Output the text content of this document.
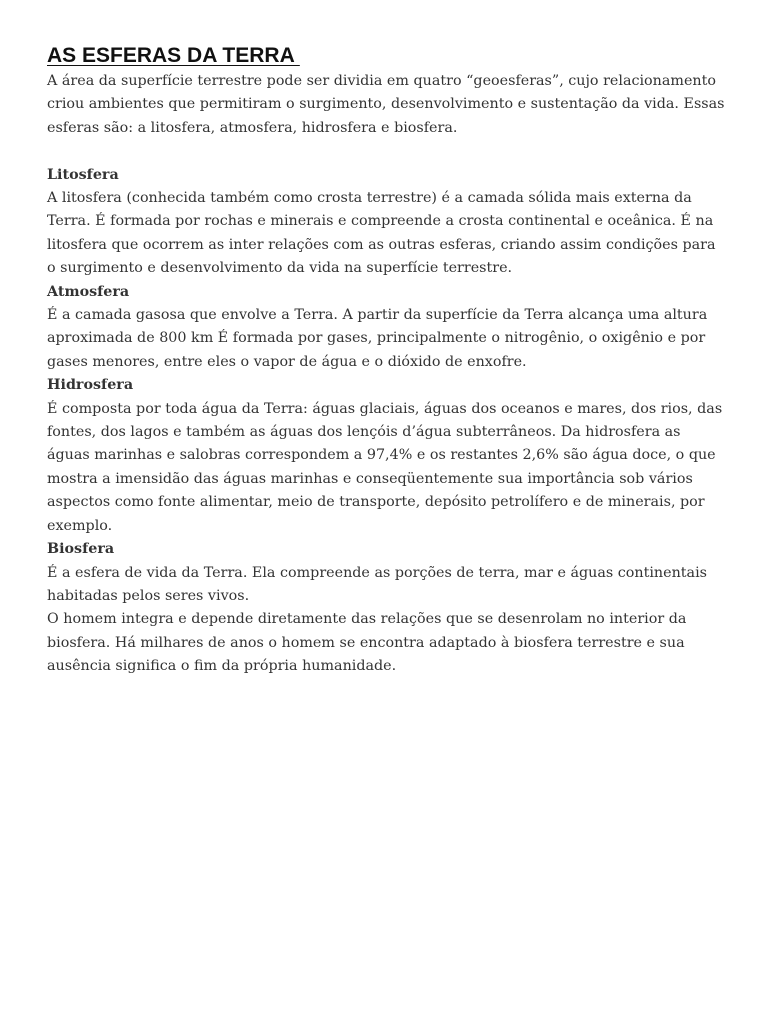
AS ESFERAS DA TERRA

A área da superfície terrestre pode ser dividia em quatro “geoesferas”, cujo relacionamento criou ambientes que permitiram o surgimento, desenvolvimento e sustentação da vida. Essas esferas são: a litosfera, atmosfera, hidrosfera e biosfera.

Litosfera

A litosfera (conhecida também como crosta terrestre) é a camada sólida mais externa da Terra. É formada por rochas e minerais e compreende a crosta continental e oceânica. É na litosfera que ocorrem as inter relações com as outras esferas, criando assim condições para o surgimento e desenvolvimento da vida na superfície terrestre.

Atmosfera

É a camada gasosa que envolve a Terra. A partir da superfície da Terra alcança uma altura aproximada de 800 km É formada por gases, principalmente o nitrogênio, o oxigênio e por gases menores, entre eles o vapor de água e o dióxido de enxofre.

Hidrosfera

É composta por toda água da Terra: águas glaciais, águas dos oceanos e mares, dos rios, das fontes, dos lagos e também as águas dos lençóis d’água subterrâneos. Da hidrosfera as águas marinhas e salobras correspondem a 97,4% e os restantes 2,6% são água doce, o que mostra a imensidão das águas marinhas e conseqüentemente sua importância sob vários aspectos como fonte alimentar, meio de transporte, depósito petrolífero e de minerais, por exemplo.

Biosfera

É a esfera de vida da Terra. Ela compreende as porções de terra, mar e águas continentais habitadas pelos seres vivos.

O homem integra e depende diretamente das relações que se desenrolam no interior da biosfera. Há milhares de anos o homem se encontra adaptado à biosfera terrestre e sua ausência significa o fim da própria humanidade.
